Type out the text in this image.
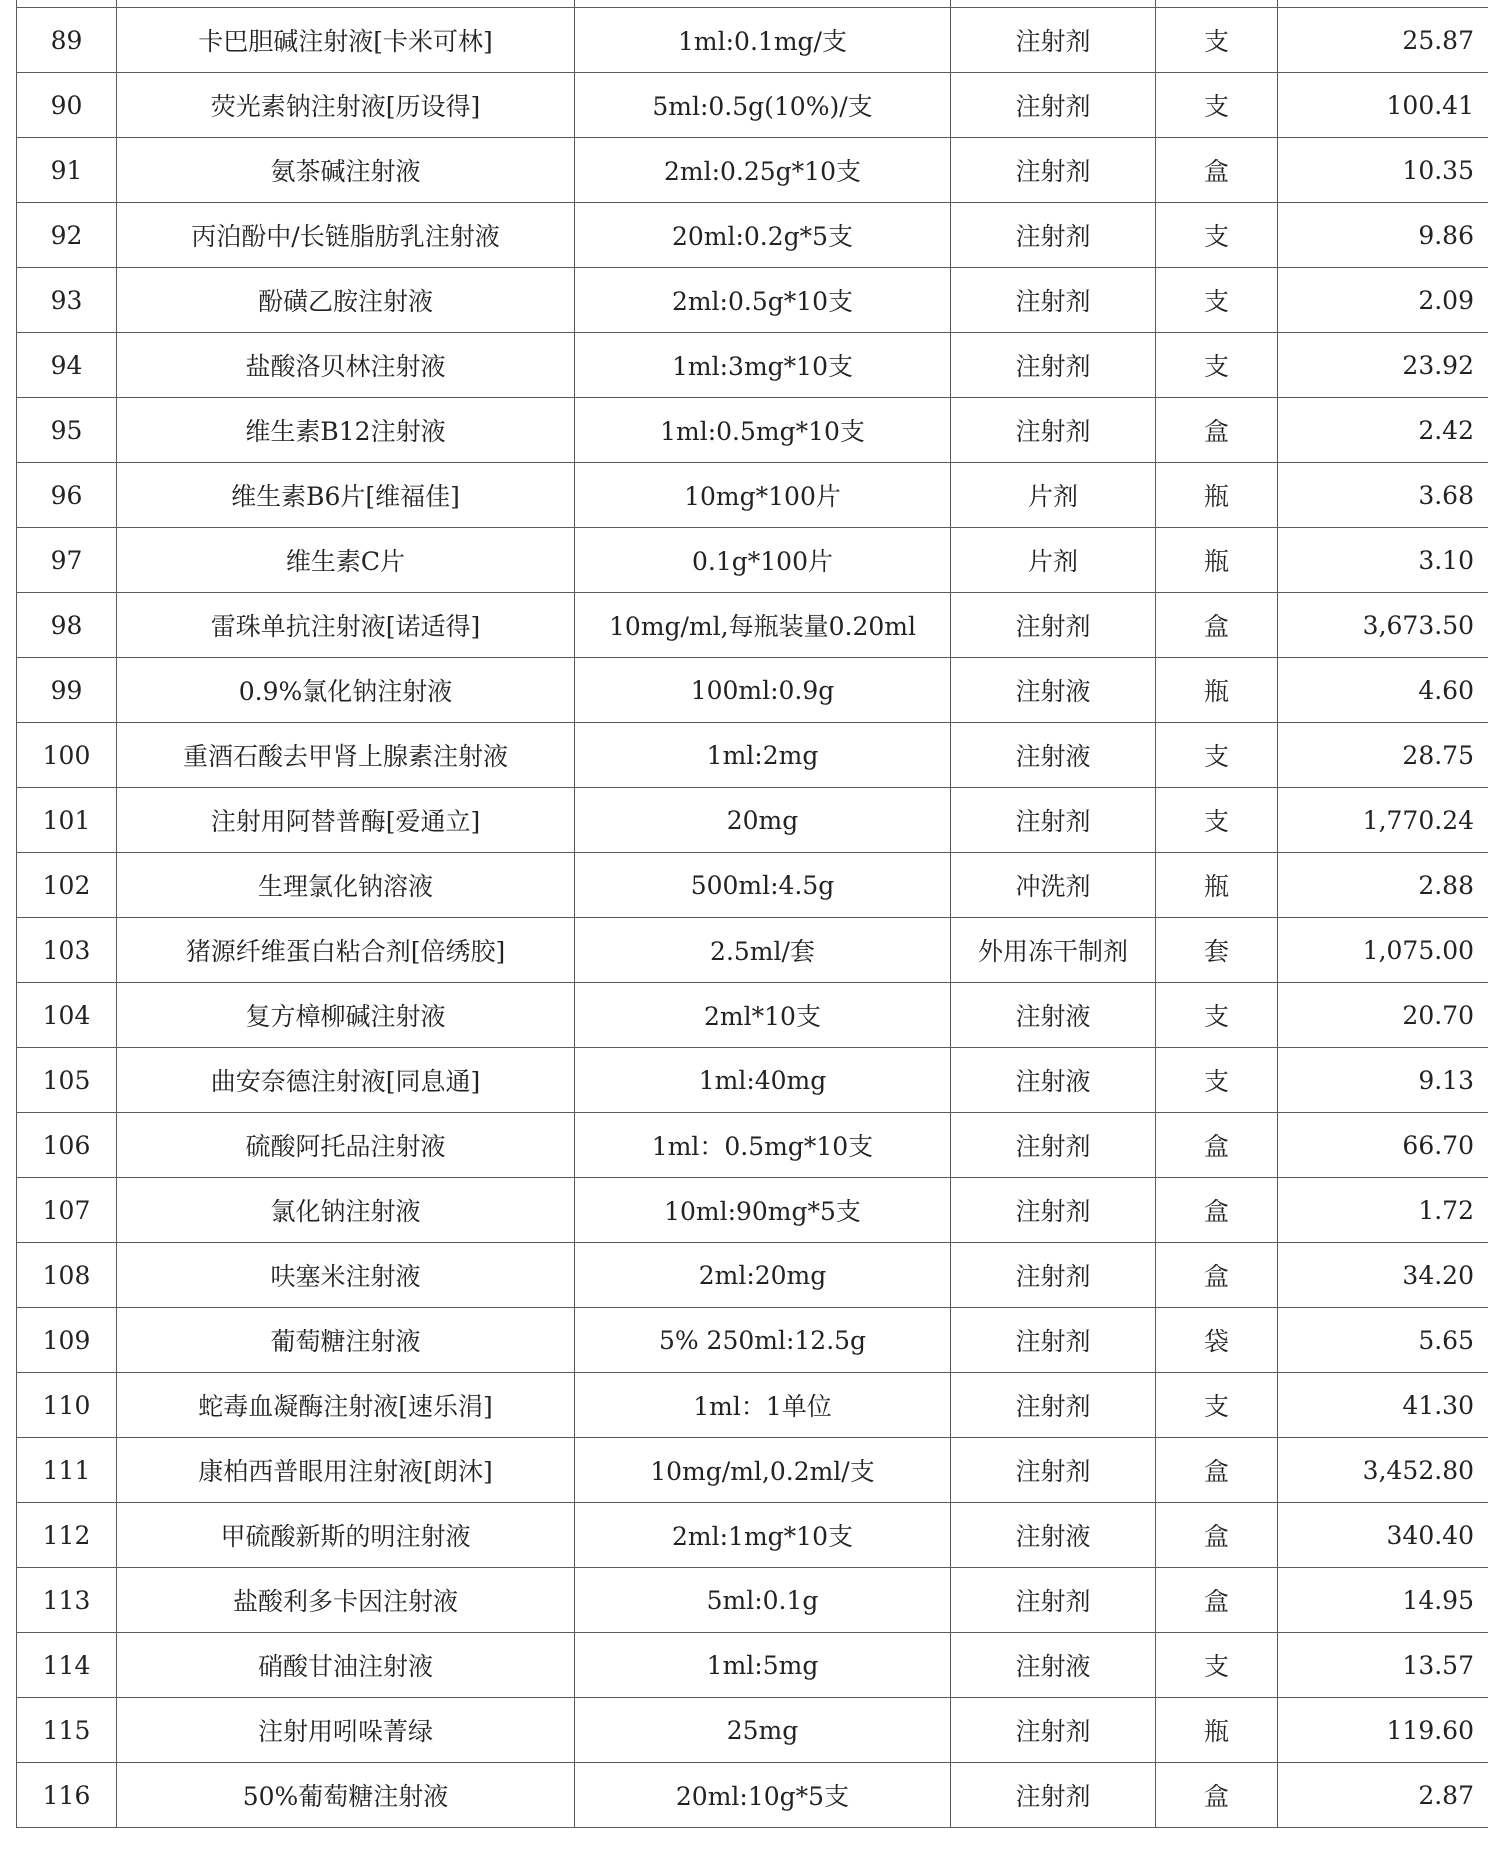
89	卡巴胆碱注射液[卡米可林]	1ml:0.1mg/支	注射剂	支	25.87
90	荧光素钠注射液[历设得]	5ml:0.5g(10%)/支	注射剂	支	100.41
91	氨茶碱注射液	2ml:0.25g*10支	注射剂	盒	10.35
92	丙泊酚中/长链脂肪乳注射液	20ml:0.2g*5支	注射剂	支	9.86
93	酚磺乙胺注射液	2ml:0.5g*10支	注射剂	支	2.09
94	盐酸洛贝林注射液	1ml:3mg*10支	注射剂	支	23.92
95	维生素B12注射液	1ml:0.5mg*10支	注射剂	盒	2.42
96	维生素B6片[维福佳]	10mg*100片	片剂	瓶	3.68
97	维生素C片	0.1g*100片	片剂	瓶	3.10
98	雷珠单抗注射液[诺适得]	10mg/ml,每瓶装量0.20ml	注射剂	盒	3,673.50
99	0.9%氯化钠注射液	100ml:0.9g	注射液	瓶	4.60
100	重酒石酸去甲肾上腺素注射液	1ml:2mg	注射液	支	28.75
101	注射用阿替普酶[爱通立]	20mg	注射剂	支	1,770.24
102	生理氯化钠溶液	500ml:4.5g	冲洗剂	瓶	2.88
103	猪源纤维蛋白粘合剂[倍绣胶]	2.5ml/套	外用冻干制剂	套	1,075.00
104	复方樟柳碱注射液	2ml*10支	注射液	支	20.70
105	曲安奈德注射液[同息通]	1ml:40mg	注射液	支	9.13
106	硫酸阿托品注射液	1ml：0.5mg*10支	注射剂	盒	66.70
107	氯化钠注射液	10ml:90mg*5支	注射剂	盒	1.72
108	呋塞米注射液	2ml:20mg	注射剂	盒	34.20
109	葡萄糖注射液	5% 250ml:12.5g	注射剂	袋	5.65
110	蛇毒血凝酶注射液[速乐涓]	1ml：1单位	注射剂	支	41.30
111	康柏西普眼用注射液[朗沐]	10mg/ml,0.2ml/支	注射剂	盒	3,452.80
112	甲硫酸新斯的明注射液	2ml:1mg*10支	注射液	盒	340.40
113	盐酸利多卡因注射液	5ml:0.1g	注射剂	盒	14.95
114	硝酸甘油注射液	1ml:5mg	注射液	支	13.57
115	注射用吲哚菁绿	25mg	注射剂	瓶	119.60
116	50%葡萄糖注射液	20ml:10g*5支	注射剂	盒	2.87
